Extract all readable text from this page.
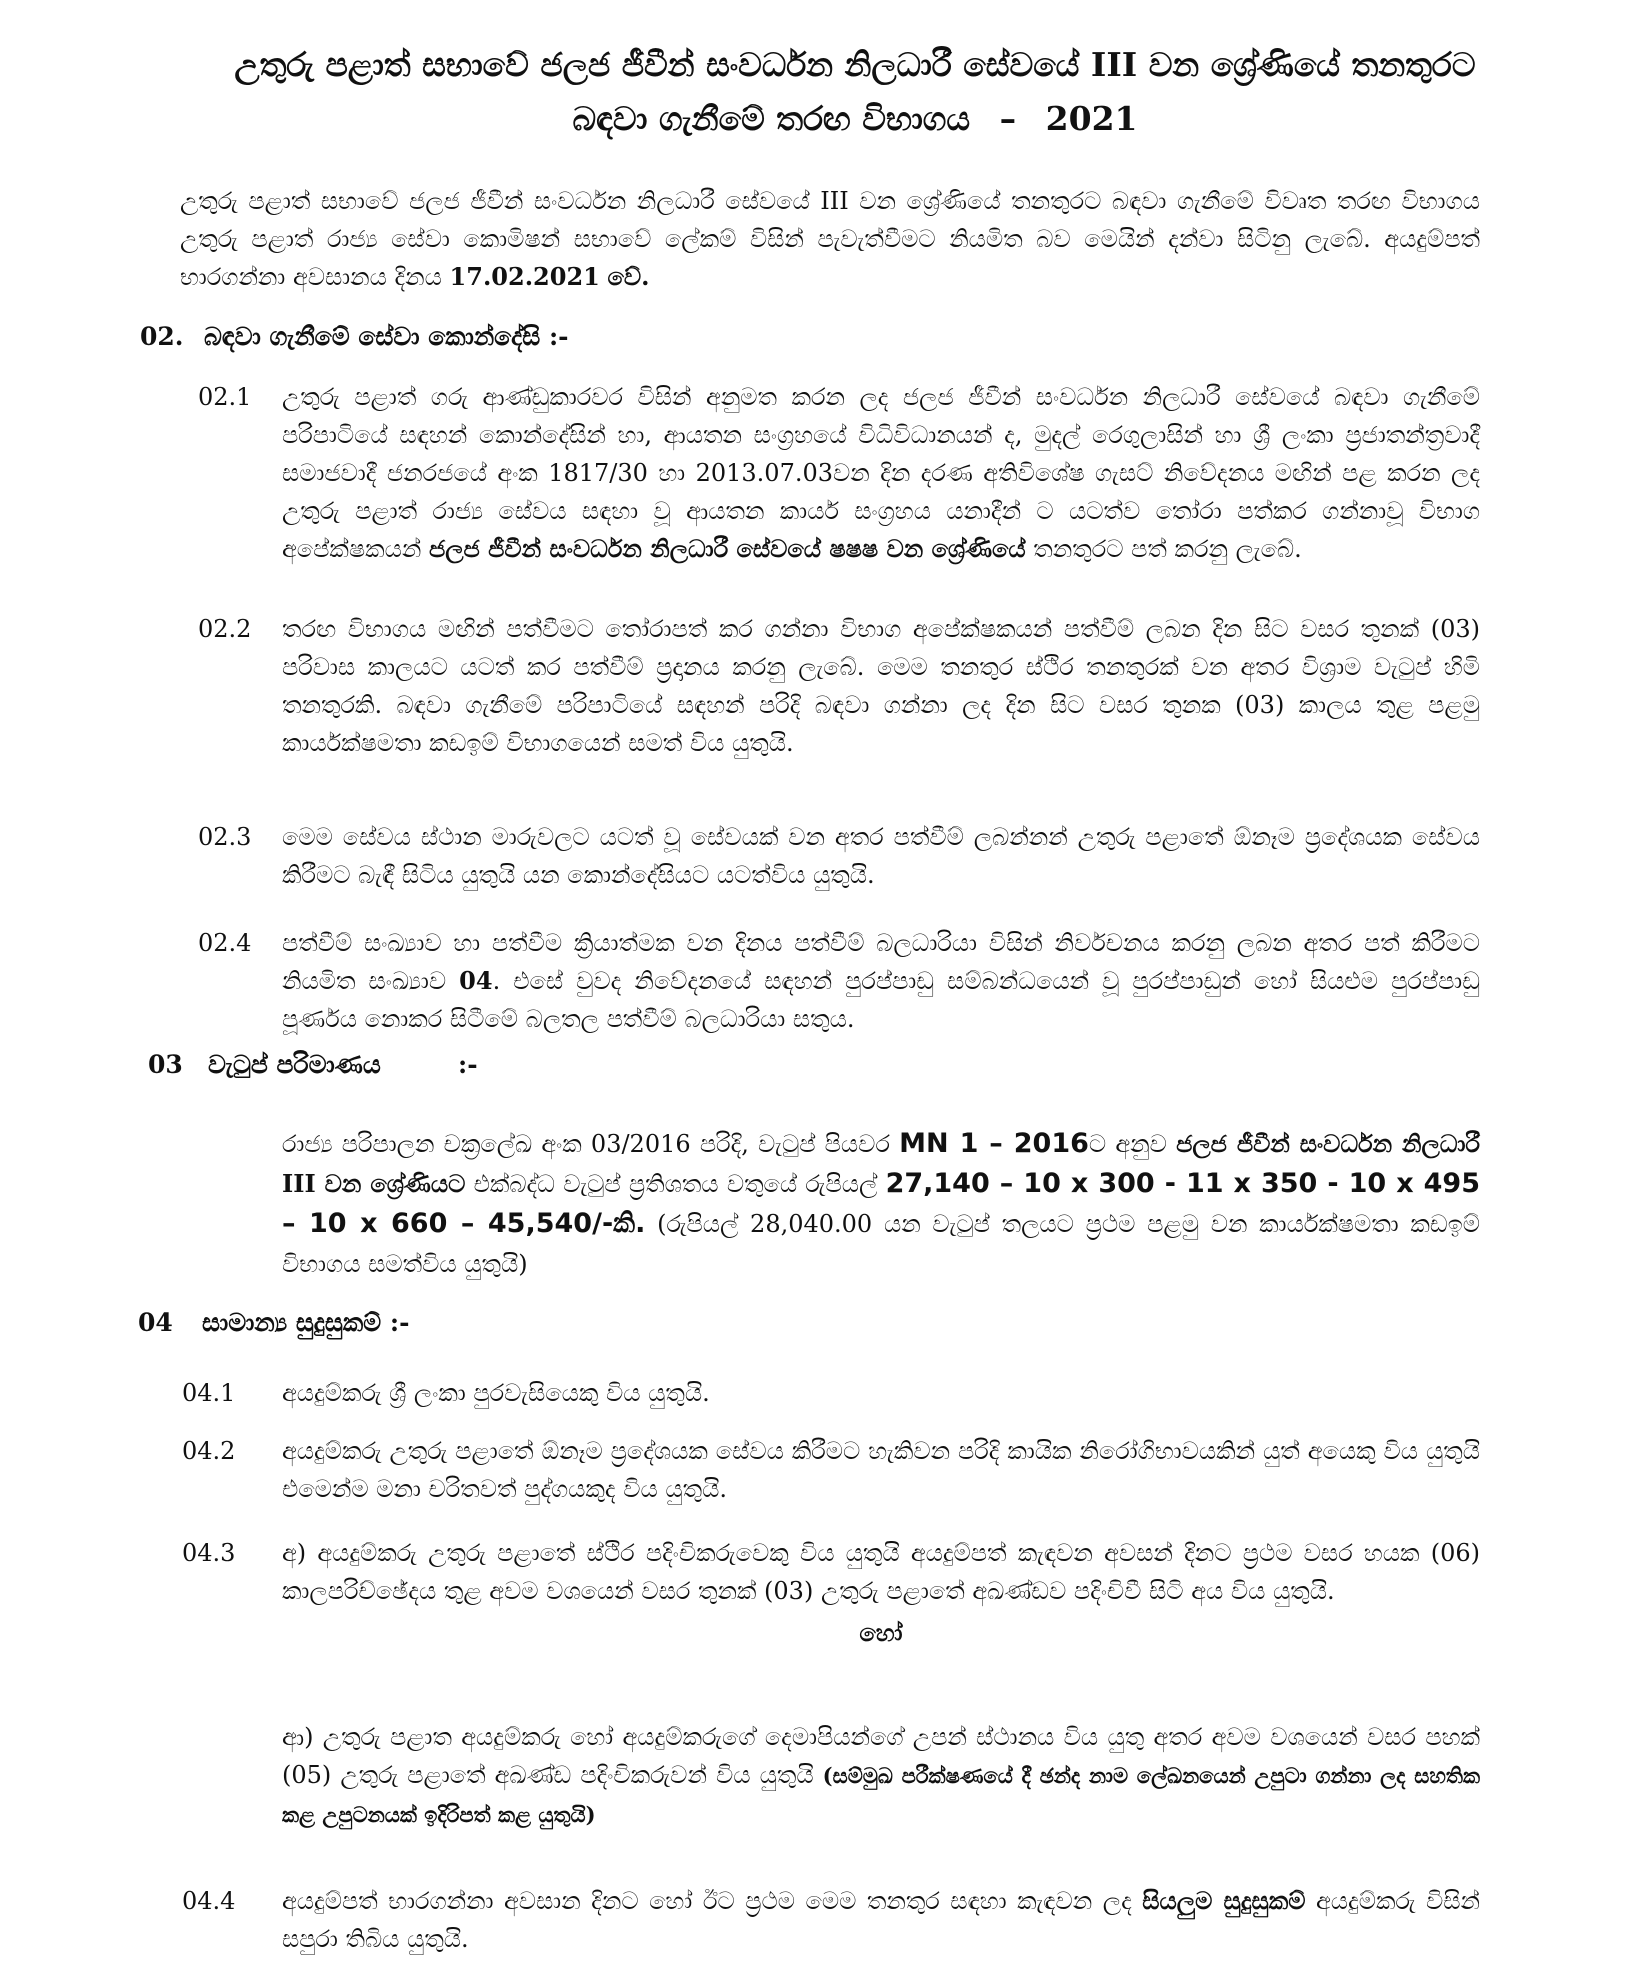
උතුරු පළාත් සභාවේ ජලජ ජීවීන් සංවර්ධන නිලධාරී සේවයේ III වන ශ්‍රේණියේ තනතුරට

බඳවා ගැනීමේ තරඟ විභාගය – 2021

උතුරු පළාත් සභාවේ ජලජ ජීවීන් සංවර්ධන නිලධාරී සේවයේ III වන ශ්‍රේණියේ තනතුරට බඳවා ගැනීමේ විවෘත තරඟ විභාගය උතුරු පළාත් රාජ්‍ය සේවා කොමිෂන් සභාවේ ලේකම් විසින් පැවැත්වීමට නියමිත බව මෙයින් දන්වා සිටිනු ලැබේ. අයදුම්පත් භාරගන්නා අවසානය දිනය 17.02.2021 වේ.

02. බඳවා ගැනීමේ සේවා කොන්දේසි :-
02.1	උතුරු පළාත් ගරු ආණ්ඩුකාරවර විසින් අනුමත කරන ලද ජලජ ජීවීන් සංවර්ධන නිලධාරී සේවයේ බඳවා ගැනීමේ පරිපාටියේ සඳහන් කොන්දේසින් හා, ආයතන සංග්‍රහයේ විධිවිධානයන් ද, මුදල් රෙගුලාසින් හා ශ්‍රී ලංකා ප්‍රජාතන්ත්‍රවාදී සමාජවාදී ජනරජයේ අංක 1817/30 හා 2013.07.03වන දින දරණ අතිවිශේෂ ගැසට් නිවේදනය මඟින් පළ කරන ලද උතුරු පළාත් රාජ්‍ය සේවය සඳහා වූ ආයතන කාර්ය සංග්‍රහය යනාදීන් ට යටත්ව තෝරා පත්කර ගන්නාවූ විභාග අපේක්ෂකයන් ජලජ ජීවීන් සංවර්ධන නිලධාරී සේවයේ ෂෂෂ වන ශ්‍රේණියේ තනතුරට පත් කරනු ලැබේ.

02.2	තරඟ විභාගය මඟින් පත්වීමට තෝරාපත් කර ගන්නා විභාග අපේක්ෂකයන් පත්වීම් ලබන දින සිට වසර තුනක් (03) පරිවාස කාලයට යටත් කර පත්වීම් ප්‍රදානය කරනු ලැබේ. මෙම තනතුර ස්ථිර තනතුරක් වන අතර විශ්‍රාම වැටුප් හිමි තනතුරකි. බඳවා ගැනීමේ පරිපාටියේ සඳහන් පරිදි බඳවා ගන්නා ලද දින සිට වසර තුනක (03) කාලය තුළ පළමු කාර්යක්ෂමතා කඩඉම් විභාගයෙන් සමත් විය යුතුයි.

02.3	මෙම සේවය ස්ථාන මාරුවලට යටත් වූ සේවයක් වන අතර පත්වීම් ලබන්නන් උතුරු පළාතේ ඕනෑම ප්‍රදේශයක සේවය කිරීමට බැඳී සිටිය යුතුයි යන කොන්දේසියට යටත්විය යුතුයි.

02.4	පත්වීම් සංඛ්‍යාව හා පත්වීම ක්‍රියාත්මක වන දිනය පත්වීම් බලධාරියා විසින් නිර්වචනය කරනු ලබන අතර පත් කිරීමට නියමිත සංඛ්‍යාව 04. එසේ වුවද නිවේදනයේ සඳහන් පුරප්පාඩු සම්බන්ධයෙන් වූ පුරප්පාඩුන් හෝ සියළුම පුරප්පාඩු පූර්ණය නොකර සිටීමේ බලතල පත්වීම් බලධාරියා සතුය.

03	වැටුප් පරිමාණය	:-

රාජ්‍ය පරිපාලන චක්‍රලේඛ අංක 03/2016 පරිදි, වැටුප් පියවර MN 1 – 2016ට අනුව ජලජ ජීවීන් සංවර්ධන නිලධාරී III වන ශ්‍රේණියට එක්බද්ධ වැටුප් ප්‍රතිශතය වතුයේ රුපියල් 27,140 – 10 x 300 - 11 x 350 - 10 x 495 – 10 x 660 – 45,540/-කි. (රුපියල් 28,040.00 යන වැටුප් තලයට ප්‍රථම පළමු වන කාර්යක්ෂමතා කඩඉම් විභාගය සමත්විය යුතුයි)

04	සාමාන්‍ය සුදුසුකම් :-
04.1	අයදුම්කරු ශ්‍රී ලංකා පුරවැසියෙකු විය යුතුයි.

04.2	අයදුම්කරු උතුරු පළාතේ ඕනෑම ප්‍රදේශයක සේවය කිරීමට හැකිවන පරිදි කායික නිරෝගිභාවයකින් යුත් අයෙකු විය යුතුයි එමෙන්ම මනා චරිතවත් පුද්ගයකුද විය යුතුයි.

04.3	අ) අයදුම්කරු උතුරු පළාතේ ස්ථිර පදිංචිකරුවෙකු විය යුතුයි අයදුම්පත් කැඳවන අවසන් දිනට ප්‍රථම වසර හයක (06) කාලපරිච්ඡේදය තුළ අවම වශයෙන් වසර තුනක් (03) උතුරු පළාතේ අඛණ්ඩව පදිංචිවී සිටි අය විය යුතුයි.

හෝ

ආ) උතුරු පළාත අයදුම්කරු හෝ අයදුම්කරුගේ දෙමාපියන්ගේ උපන් ස්ථානය විය යුතු අතර අවම වශයෙන් වසර පහක් (05) උතුරු පළාතේ අඛණ්ඩ පදිංචිකරුවන් විය යුතුයි (සම්මුඛ පරීක්ෂණයේ දී ඡන්ද නාම ලේඛනයෙන් උපුටා ගන්නා ලද සහතික කළ උපුටනයක් ඉදිරිපත් කළ යුතුයි)

04.4	අයදුම්පත් භාරගන්නා අවසාන දිනට හෝ ඊට ප්‍රථම මෙම තනතුර සඳහා කැඳවන ලද සියලුම සුදුසුකම් අයදුම්කරු විසින් සපුරා තිබිය යුතුයි.
